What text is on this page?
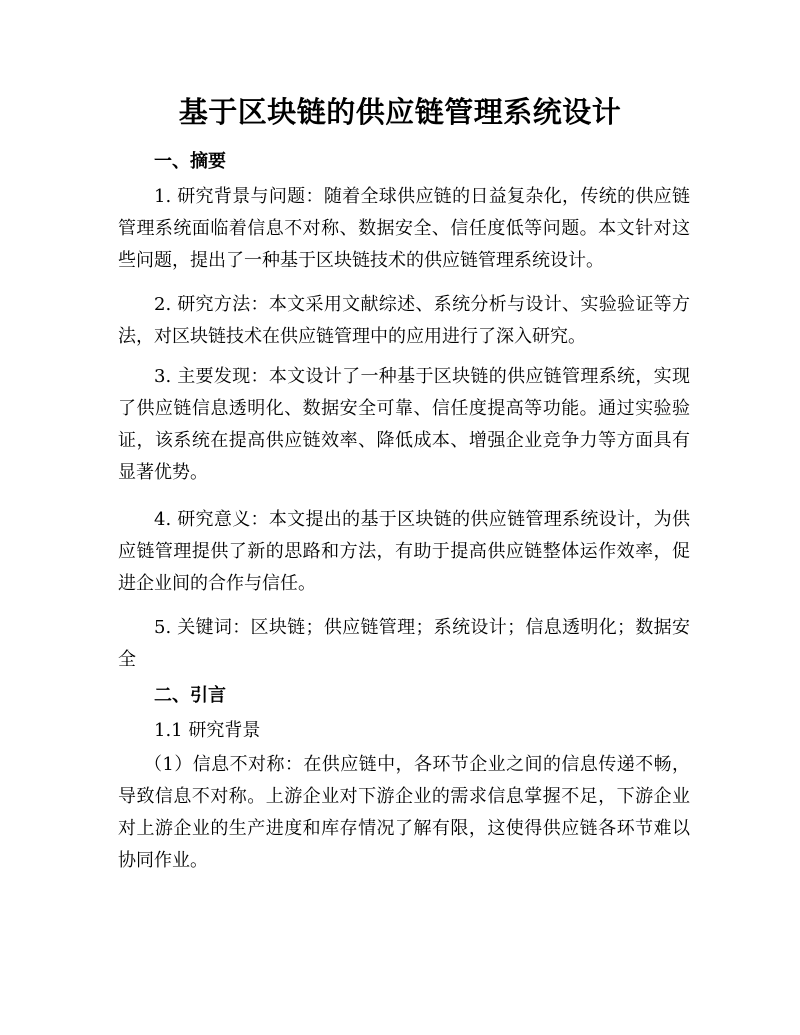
基于区块链的供应链管理系统设计
一、摘要
1. 研究背景与问题：随着全球供应链的日益复杂化，传统的供应链管理系统面临着信息不对称、数据安全、信任度低等问题。本文针对这些问题，提出了一种基于区块链技术的供应链管理系统设计。
2. 研究方法：本文采用文献综述、系统分析与设计、实验验证等方法，对区块链技术在供应链管理中的应用进行了深入研究。
3. 主要发现：本文设计了一种基于区块链的供应链管理系统，实现了供应链信息透明化、数据安全可靠、信任度提高等功能。通过实验验证，该系统在提高供应链效率、降低成本、增强企业竞争力等方面具有显著优势。
4. 研究意义：本文提出的基于区块链的供应链管理系统设计，为供应链管理提供了新的思路和方法，有助于提高供应链整体运作效率，促进企业间的合作与信任。
5. 关键词：区块链；供应链管理；系统设计；信息透明化；数据安全
二、引言
1.1 研究背景
（1）信息不对称：在供应链中，各环节企业之间的信息传递不畅，导致信息不对称。上游企业对下游企业的需求信息掌握不足，下游企业对上游企业的生产进度和库存情况了解有限，这使得供应链各环节难以协同作业。
